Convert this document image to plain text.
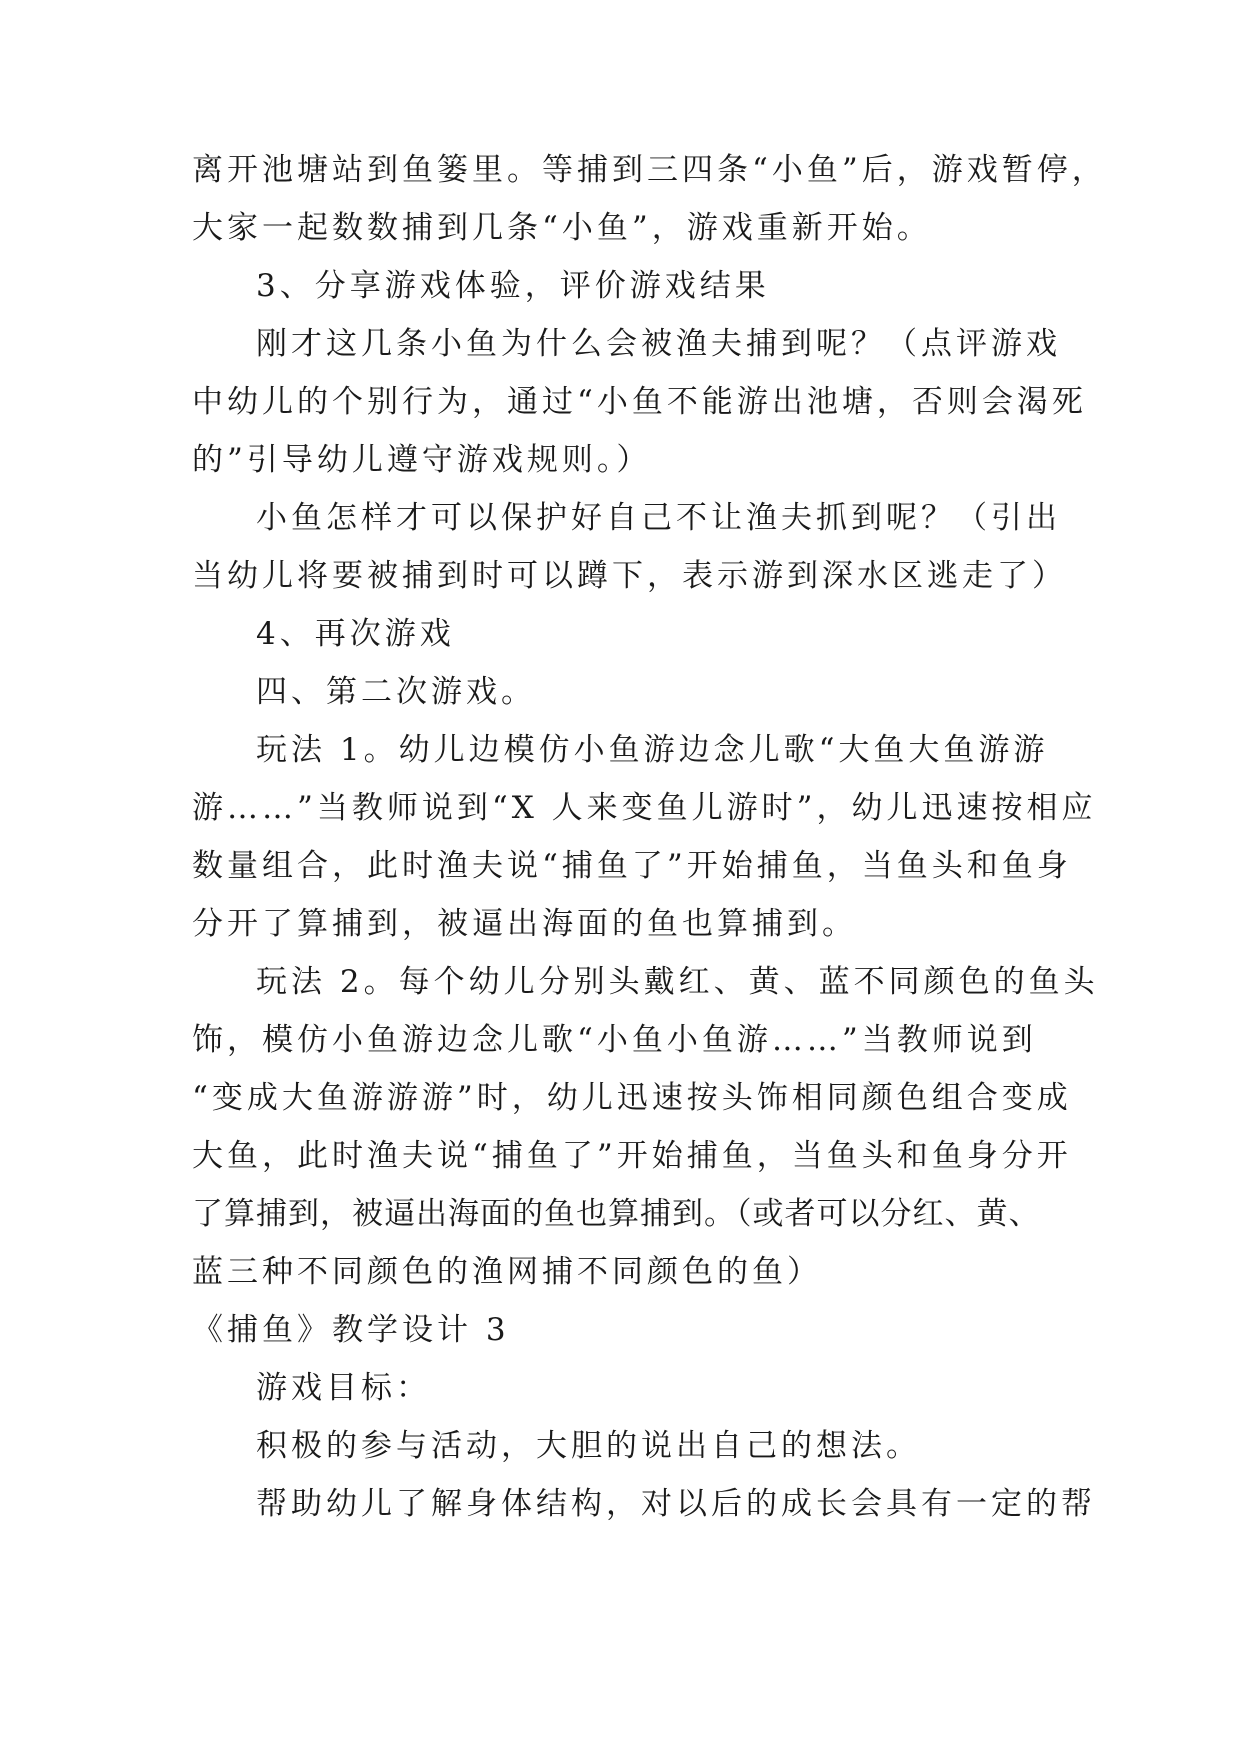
离开池塘站到鱼篓里。等捕到三四条“小鱼”后，游戏暂停，
大家一起数数捕到几条“小鱼”，游戏重新开始。
3、分享游戏体验，评价游戏结果
刚才这几条小鱼为什么会被渔夫捕到呢？（点评游戏
中幼儿的个别行为，通过“小鱼不能游出池塘，否则会渴死
的”引导幼儿遵守游戏规则。）
小鱼怎样才可以保护好自己不让渔夫抓到呢？（引出
当幼儿将要被捕到时可以蹲下，表示游到深水区逃走了）
4、再次游戏
四、第二次游戏。
玩法 1。幼儿边模仿小鱼游边念儿歌“大鱼大鱼游游
游……”当教师说到“X 人来变鱼儿游时”，幼儿迅速按相应
数量组合，此时渔夫说“捕鱼了”开始捕鱼，当鱼头和鱼身
分开了算捕到，被逼出海面的鱼也算捕到。
玩法 2。每个幼儿分别头戴红、黄、蓝不同颜色的鱼头
饰，模仿小鱼游边念儿歌“小鱼小鱼游……”当教师说到
“变成大鱼游游游”时，幼儿迅速按头饰相同颜色组合变成
大鱼，此时渔夫说“捕鱼了”开始捕鱼，当鱼头和鱼身分开
了算捕到，被逼出海面的鱼也算捕到。（或者可以分红、黄、
蓝三种不同颜色的渔网捕不同颜色的鱼）
《捕鱼》教学设计 3
游戏目标：
积极的参与活动，大胆的说出自己的想法。
帮助幼儿了解身体结构，对以后的成长会具有一定的帮
